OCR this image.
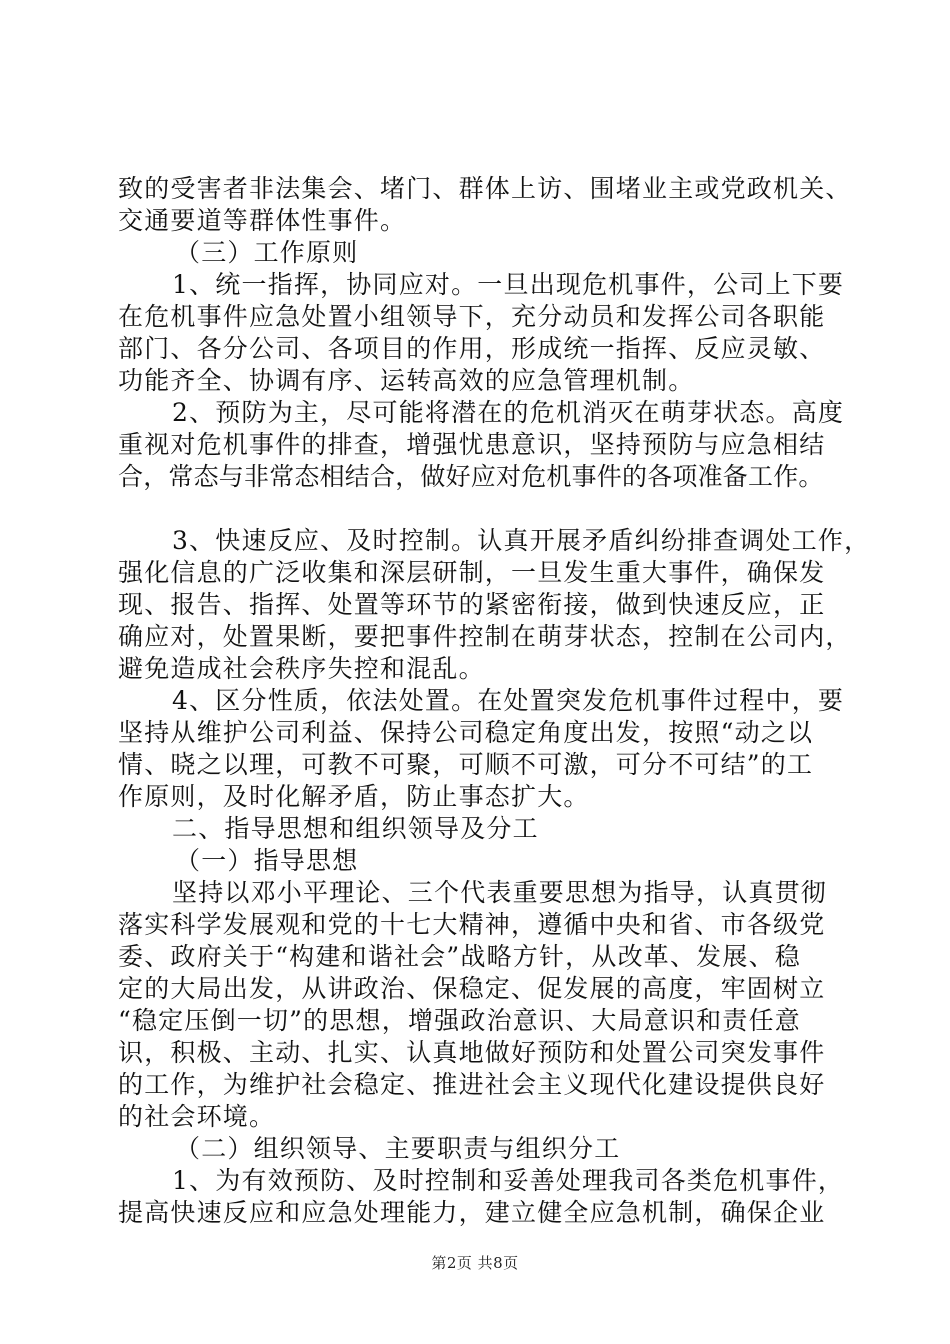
致的受害者非法集会、堵门、群体上访、围堵业主或党政机关、
交通要道等群体性事件。
（三）工作原则
1、统一指挥，协同应对。一旦出现危机事件，公司上下要
在危机事件应急处置小组领导下，充分动员和发挥公司各职能
部门、各分公司、各项目的作用，形成统一指挥、反应灵敏、
功能齐全、协调有序、运转高效的应急管理机制。
2、预防为主，尽可能将潜在的危机消灭在萌芽状态。高度
重视对危机事件的排查，增强忧患意识，坚持预防与应急相结
合，常态与非常态相结合，做好应对危机事件的各项准备工作。
3、快速反应、及时控制。认真开展矛盾纠纷排查调处工作，
强化信息的广泛收集和深层研制，一旦发生重大事件，确保发
现、报告、指挥、处置等环节的紧密衔接，做到快速反应，正
确应对，处置果断，要把事件控制在萌芽状态，控制在公司内，
避免造成社会秩序失控和混乱。
4、区分性质，依法处置。在处置突发危机事件过程中，要
坚持从维护公司利益、保持公司稳定角度出发，按照“动之以
情、晓之以理，可教不可聚，可顺不可激，可分不可结”的工
作原则，及时化解矛盾，防止事态扩大。
二、指导思想和组织领导及分工
（一）指导思想
坚持以邓小平理论、三个代表重要思想为指导，认真贯彻
落实科学发展观和党的十七大精神，遵循中央和省、市各级党
委、政府关于“构建和谐社会”战略方针，从改革、发展、稳
定的大局出发，从讲政治、保稳定、促发展的高度，牢固树立
“稳定压倒一切”的思想，增强政治意识、大局意识和责任意
识，积极、主动、扎实、认真地做好预防和处置公司突发事件
的工作，为维护社会稳定、推进社会主义现代化建设提供良好
的社会环境。
（二）组织领导、主要职责与组织分工
1、为有效预防、及时控制和妥善处理我司各类危机事件，
提高快速反应和应急处理能力，建立健全应急机制，确保企业
第2页 共8页
